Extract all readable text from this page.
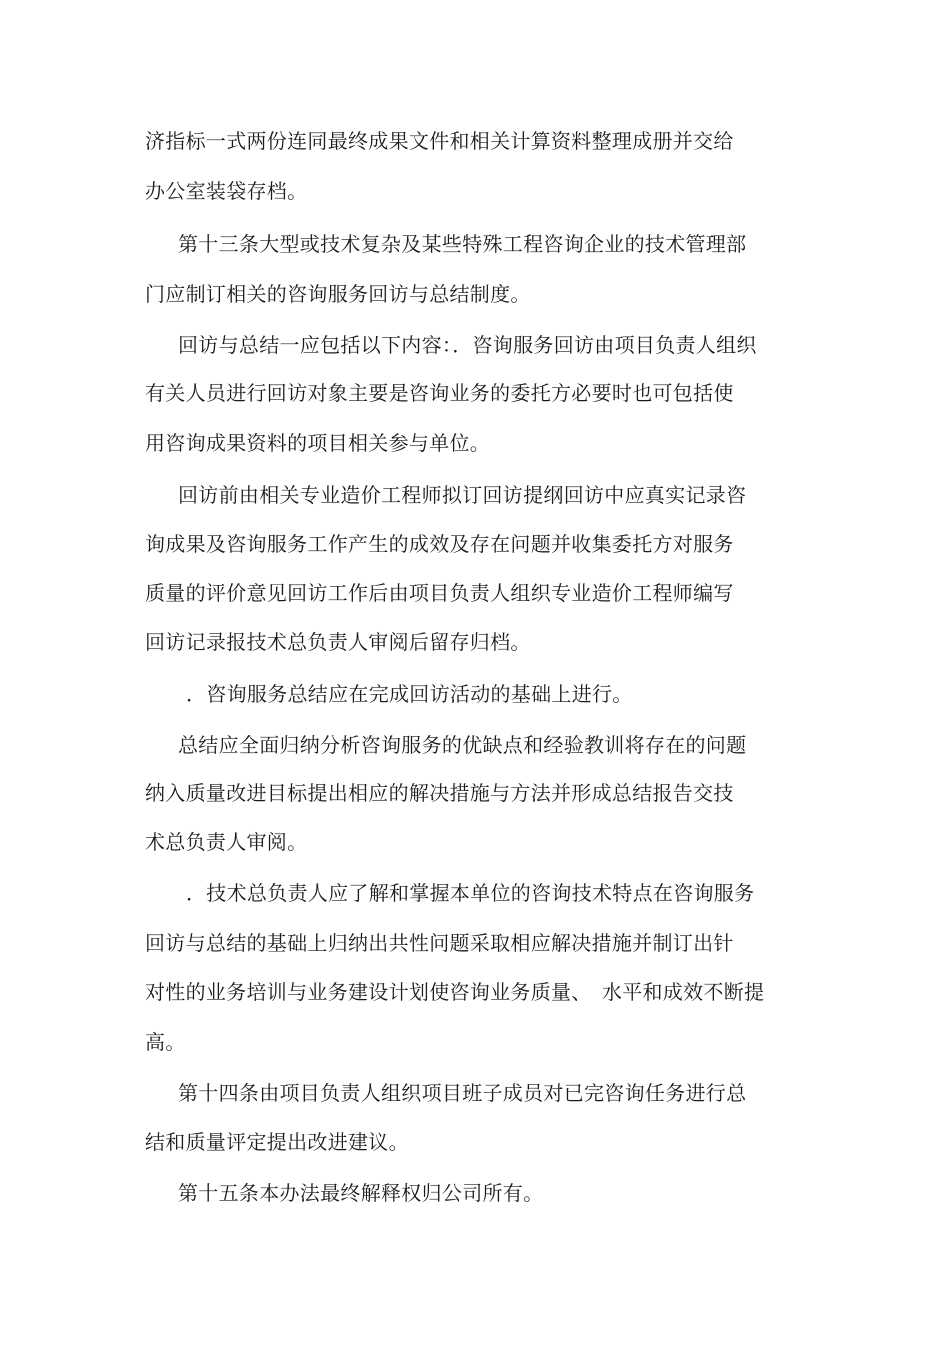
济指标一式两份连同最终成果文件和相关计算资料整理成册并交给
办公室装袋存档。
第十三条大型或技术复杂及某些特殊工程咨询企业的技术管理部
门应制订相关的咨询服务回访与总结制度。
回访与总结一应包括以下内容：．咨询服务回访由项目负责人组织
有关人员进行回访对象主要是咨询业务的委托方必要时也可包括使
用咨询成果资料的项目相关参与单位。
回访前由相关专业造价工程师拟订回访提纲回访中应真实记录咨
询成果及咨询服务工作产生的成效及存在问题并收集委托方对服务
质量的评价意见回访工作后由项目负责人组织专业造价工程师编写
回访记录报技术总负责人审阅后留存归档。
．咨询服务总结应在完成回访活动的基础上进行。
总结应全面归纳分析咨询服务的优缺点和经验教训将存在的问题
纳入质量改进目标提出相应的解决措施与方法并形成总结报告交技
术总负责人审阅。
．技术总负责人应了解和掌握本单位的咨询技术特点在咨询服务
回访与总结的基础上归纳出共性问题采取相应解决措施并制订出针
对性的业务培训与业务建设计划使咨询业务质量、　水平和成效不断提
高。
第十四条由项目负责人组织项目班子成员对已完咨询任务进行总
结和质量评定提出改进建议。
第十五条本办法最终解释权归公司所有。
